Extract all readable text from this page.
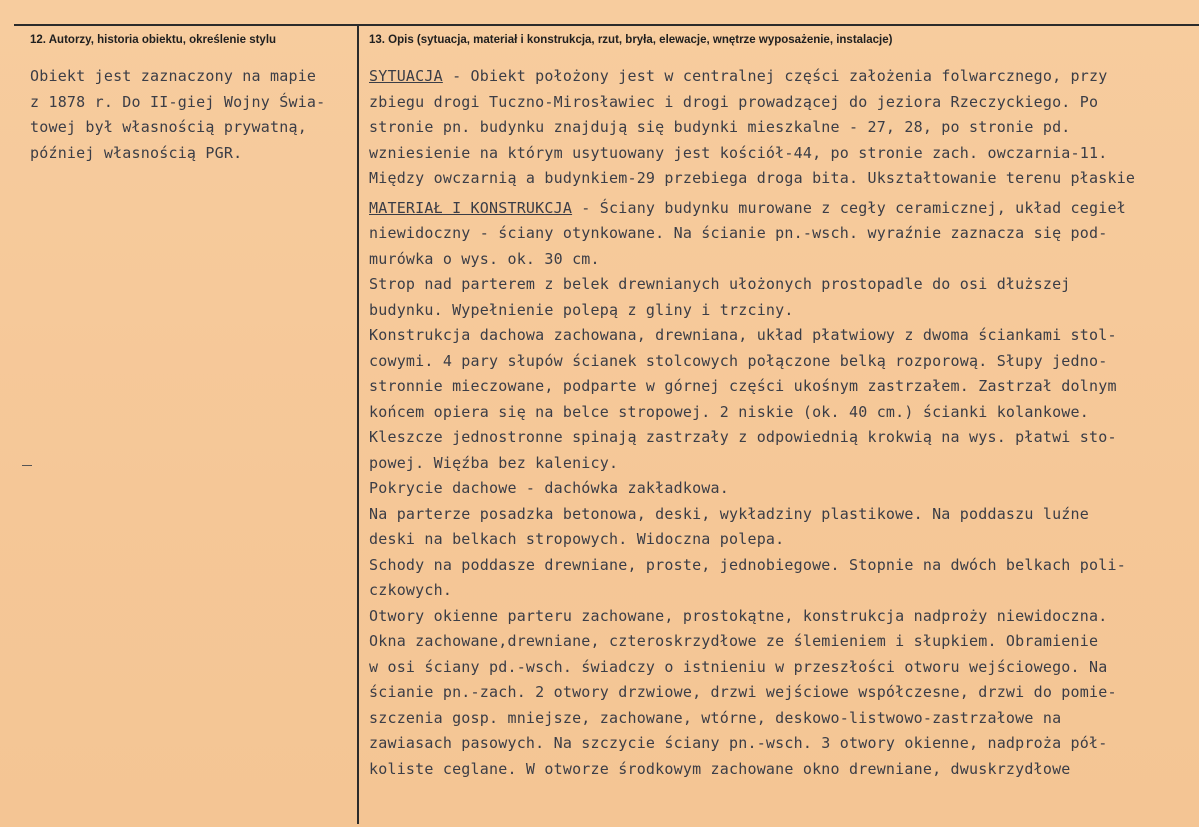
12. Autorzy, historia obiektu, określenie stylu	13. Opis (sytuacja, materiał i konstrukcja, rzut, bryła, elewacje, wnętrze wyposażenie, instalacje)
Obiekt jest zaznaczony na mapie
z 1878 r. Do II-giej Wojny Świa-
towej był własnością prywatną,
później własnością PGR.
SYTUACJA - Obiekt położony jest w centralnej części założenia folwarcznego, przy
zbiegu drogi Tuczno-Mirosławiec i drogi prowadzącej do jeziora Rzeczyckiego. Po
stronie pn. budynku znajdują się budynki mieszkalne - 27, 28, po stronie pd.
wzniesienie na którym usytuowany jest kościół-44, po stronie zach. owczarnia-11.
Między owczarnią a budynkiem-29 przebiega droga bita. Ukształtowanie terenu płaskie
MATERIAŁ I KONSTRUKCJA - Ściany budynku murowane z cegły ceramicznej, układ cegieł
niewidoczny - ściany otynkowane. Na ścianie pn.-wsch. wyraźnie zaznacza się pod-
murówka o wys. ok. 30 cm.
Strop nad parterem z belek drewnianych ułożonych prostopadle do osi dłuższej
budynku. Wypełnienie polepą z gliny i trzciny.
Konstrukcja dachowa zachowana, drewniana, układ płatwiowy z dwoma ściankami stol-
cowymi. 4 pary słupów ścianek stolcowych połączone belką rozporową. Słupy jedno-
stronnie mieczowane, podparte w górnej części ukośnym zastrzałem. Zastrzał dolnym
końcem opiera się na belce stropowej. 2 niskie (ok. 40 cm.) ścianki kolankowe.
Kleszcze jednostronne spinają zastrzały z odpowiednią krokwią na wys. płatwi sto-
powej. Więźba bez kalenicy.
Pokrycie dachowe - dachówka zakładkowa.
Na parterze posadzka betonowa, deski, wykładziny plastikowe. Na poddaszu luźne
deski na belkach stropowych. Widoczna polepa.
Schody na poddasze drewniane, proste, jednobiegowe. Stopnie na dwóch belkach poli-
czkowych.
Otwory okienne parteru zachowane, prostokątne, konstrukcja nadproży niewidoczna.
Okna zachowane,drewniane, czteroskrzydłowe ze ślemieniem i słupkiem. Obramienie
w osi ściany pd.-wsch. świadczy o istnieniu w przeszłości otworu wejściowego. Na
ścianie pn.-zach. 2 otwory drzwiowe, drzwi wejściowe współczesne, drzwi do pomie-
szczenia gosp. mniejsze, zachowane, wtórne, deskowo-listwowo-zastrzałowe na
zawiasach pasowych. Na szczycie ściany pn.-wsch. 3 otwory okienne, nadproża pół-
koliste ceglane. W otworze środkowym zachowane okno drewniane, dwuskrzydłowe
